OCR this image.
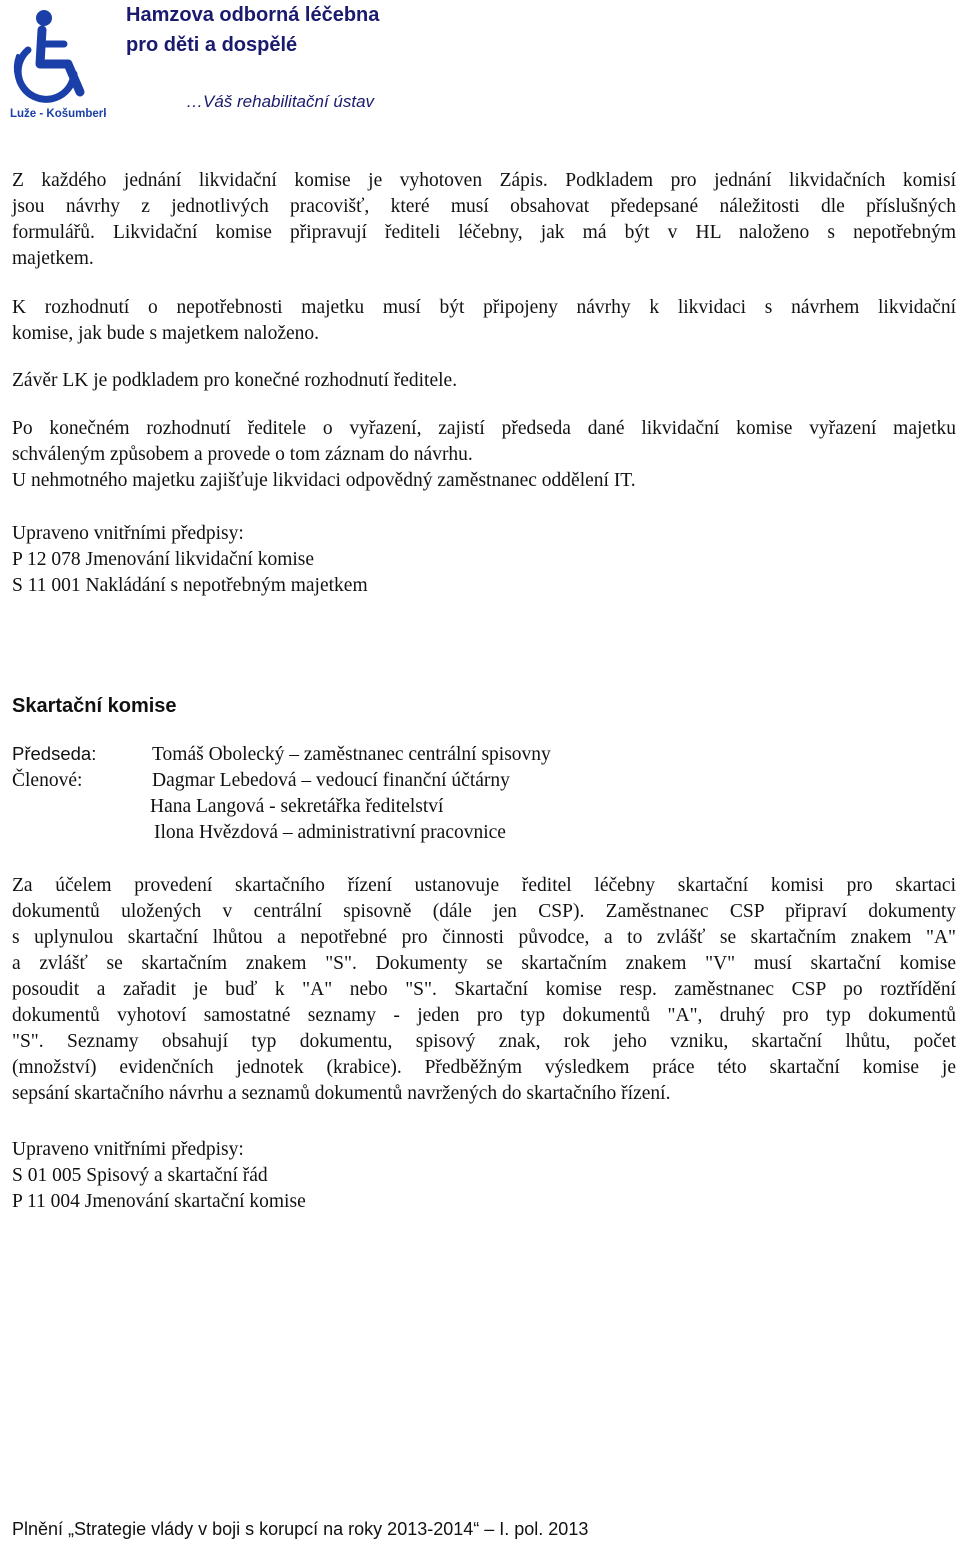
Luže - Košumberk
Hamzova odborná léčebna
pro děti a dospělé
…Váš rehabilitační ústav
Z každého jednání likvidační komise je vyhotoven Zápis. Podkladem pro jednání likvidačních komisí
jsou návrhy z jednotlivých pracovišť, které musí obsahovat předepsané náležitosti dle příslušných
formulářů. Likvidační komise připravují řediteli léčebny, jak má být v HL naloženo s nepotřebným
majetkem.
K rozhodnutí o nepotřebnosti majetku musí být připojeny návrhy k likvidaci s návrhem likvidační
komise, jak bude s majetkem naloženo.
Závěr LK je podkladem pro konečné rozhodnutí ředitele.
Po konečném rozhodnutí ředitele o vyřazení, zajistí předseda dané likvidační komise vyřazení majetku
schváleným způsobem a provede o tom záznam do návrhu.
U nehmotného majetku zajišťuje likvidaci odpovědný zaměstnanec oddělení IT.
Upraveno vnitřními předpisy:
P 12 078 Jmenování likvidační komise
S 11 001 Nakládání s nepotřebným majetkem
Skartační komise
Předseda:	Tomáš Obolecký – zaměstnanec centrální spisovny
Členové:	Dagmar Lebedová – vedoucí finanční účtárny
Hana Langová - sekretářka ředitelství
Ilona Hvězdová – administrativní pracovnice
Za účelem provedení skartačního řízení ustanovuje ředitel léčebny skartační komisi pro skartaci
dokumentů uložených v centrální spisovně (dále jen CSP). Zaměstnanec CSP připraví dokumenty
s uplynulou skartační lhůtou a nepotřebné pro činnosti původce, a to zvlášť se skartačním znakem "A"
a zvlášť se skartačním znakem "S". Dokumenty se skartačním znakem "V" musí skartační komise
posoudit a zařadit je buď k "A" nebo "S". Skartační komise resp. zaměstnanec CSP po roztřídění
dokumentů vyhotoví samostatné seznamy - jeden pro typ dokumentů "A", druhý pro typ dokumentů
"S". Seznamy obsahují typ dokumentu, spisový znak, rok jeho vzniku, skartační lhůtu, počet
(množství) evidenčních jednotek (krabice). Předběžným výsledkem práce této skartační komise je
sepsání skartačního návrhu a seznamů dokumentů navržených do skartačního řízení.
Upraveno vnitřními předpisy:
S 01 005 Spisový a skartační řád
P 11 004 Jmenování skartační komise
Plnění „Strategie vlády v boji s korupcí na roky 2013-2014“ – I. pol. 2013
